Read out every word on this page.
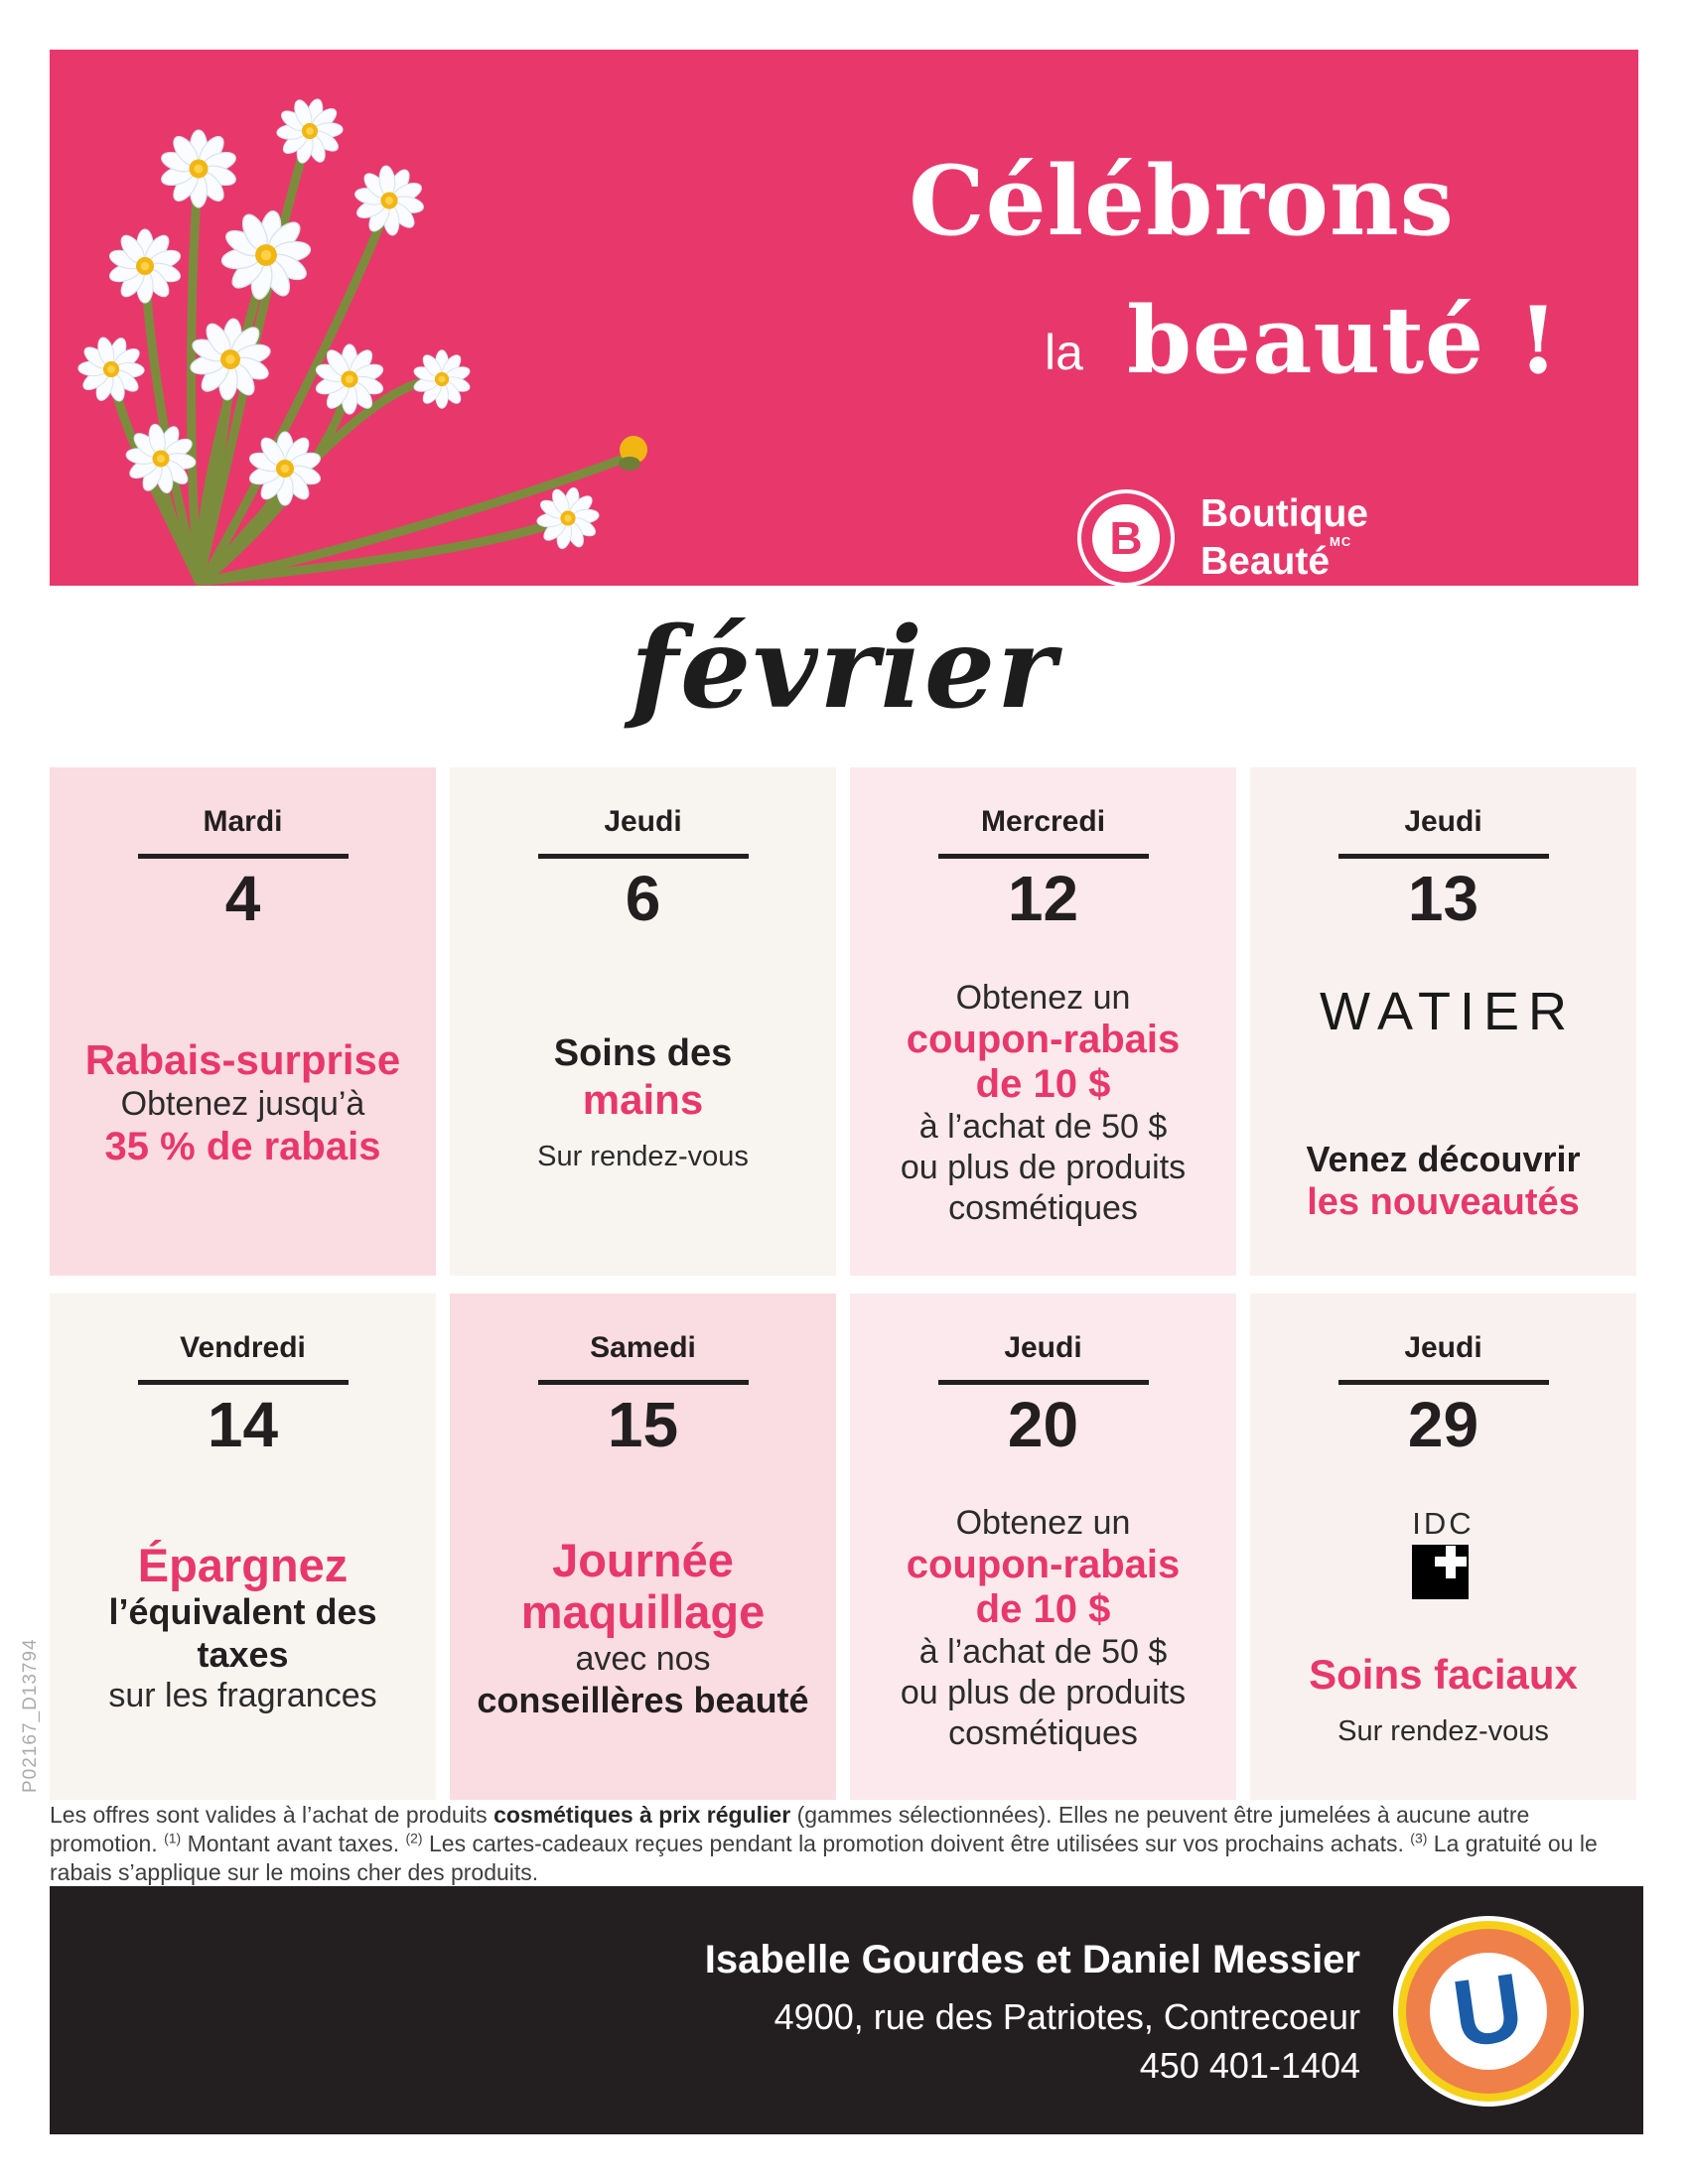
Célébrons
la beauté !
B	Boutique
Beauté$^{MC}$
février
Mardi
4
Rabais-surprise
Obtenez jusqu’à
35 % de rabais
Jeudi
6
Soins des
mains
Sur rendez-vous
Mercredi
12
Obtenez un
coupon-rabais
de 10 $
à l’achat de 50 $
ou plus de produits
cosmétiques
Jeudi
13
WATIER
Venez découvrir
les nouveautés
Vendredi
14
Épargnez
l’équivalent des taxes
sur les fragrances
Samedi
15
Journée
maquillage
avec nos
conseillères beauté
Jeudi
20
Obtenez un
coupon-rabais
de 10 $
à l’achat de 50 $
ou plus de produits
cosmétiques
Jeudi
29
IDC
Soins faciaux
Sur rendez-vous

Les offres sont valides à l’achat de produits cosmétiques à prix régulier (gammes sélectionnées). Elles ne peuvent être jumelées à aucune autre promotion. $^{(1)}$ Montant avant taxes. $^{(2)}$ Les cartes-cadeaux reçues pendant la promotion doivent être utilisées sur vos prochains achats. $^{(3)}$ La gratuité ou le rabais s’applique sur le moins cher des produits.

Isabelle Gourdes et Daniel Messier
4900, rue des Patriotes, Contrecoeur
450 401-1404 U
P02167_D13794
